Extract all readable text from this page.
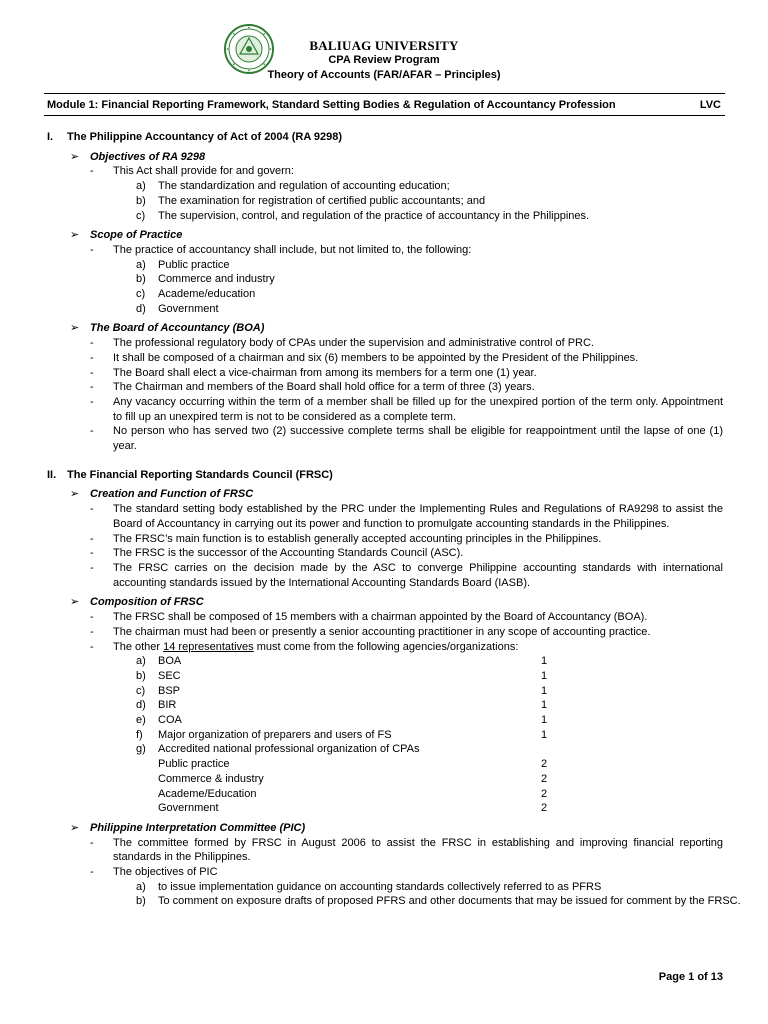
BALIUAG UNIVERSITY
CPA Review Program
Theory of Accounts (FAR/AFAR – Principles)
Module 1: Financial Reporting Framework, Standard Setting Bodies & Regulation of Accountancy Profession	LVC
I. The Philippine Accountancy of Act of 2004 (RA 9298)
➢ Objectives of RA 9298
- This Act shall provide for and govern:
a) The standardization and regulation of accounting education;
b) The examination for registration of certified public accountants; and
c) The supervision, control, and regulation of the practice of accountancy in the Philippines.
➢ Scope of Practice
- The practice of accountancy shall include, but not limited to, the following:
a) Public practice
b) Commerce and industry
c) Academe/education
d) Government
➢ The Board of Accountancy (BOA)
- The professional regulatory body of CPAs under the supervision and administrative control of PRC.
- It shall be composed of a chairman and six (6) members to be appointed by the President of the Philippines.
- The Board shall elect a vice-chairman from among its members for a term one (1) year.
- The Chairman and members of the Board shall hold office for a term of three (3) years.
- Any vacancy occurring within the term of a member shall be filled up for the unexpired portion of the term only. Appointment to fill up an unexpired term is not to be considered as a complete term.
- No person who has served two (2) successive complete terms shall be eligible for reappointment until the lapse of one (1) year.
II. The Financial Reporting Standards Council (FRSC)
➢ Creation and Function of FRSC
- The standard setting body established by the PRC under the Implementing Rules and Regulations of RA9298 to assist the Board of Accountancy in carrying out its power and function to promulgate accounting standards in the Philippines.
- The FRSC’s main function is to establish generally accepted accounting principles in the Philippines.
- The FRSC is the successor of the Accounting Standards Council (ASC).
- The FRSC carries on the decision made by the ASC to converge Philippine accounting standards with international accounting standards issued by the International Accounting Standards Board (IASB).
➢ Composition of FRSC
- The FRSC shall be composed of 15 members with a chairman appointed by the Board of Accountancy (BOA).
- The chairman must had been or presently a senior accounting practitioner in any scope of accounting practice.
- The other 14 representatives must come from the following agencies/organizations:
a) BOA	1
b) SEC	1
c) BSP	1
d) BIR	1
e) COA	1
f) Major organization of preparers and users of FS	1
g) Accredited national professional organization of CPAs
Public practice	2
Commerce & industry	2
Academe/Education	2
Government	2
➢ Philippine Interpretation Committee (PIC)
- The committee formed by FRSC in August 2006 to assist the FRSC in establishing and improving financial reporting standards in the Philippines.
- The objectives of PIC
a) to issue implementation guidance on accounting standards collectively referred to as PFRS
b) To comment on exposure drafts of proposed PFRS and other documents that may be issued for comment by the FRSC.
Page 1 of 13
